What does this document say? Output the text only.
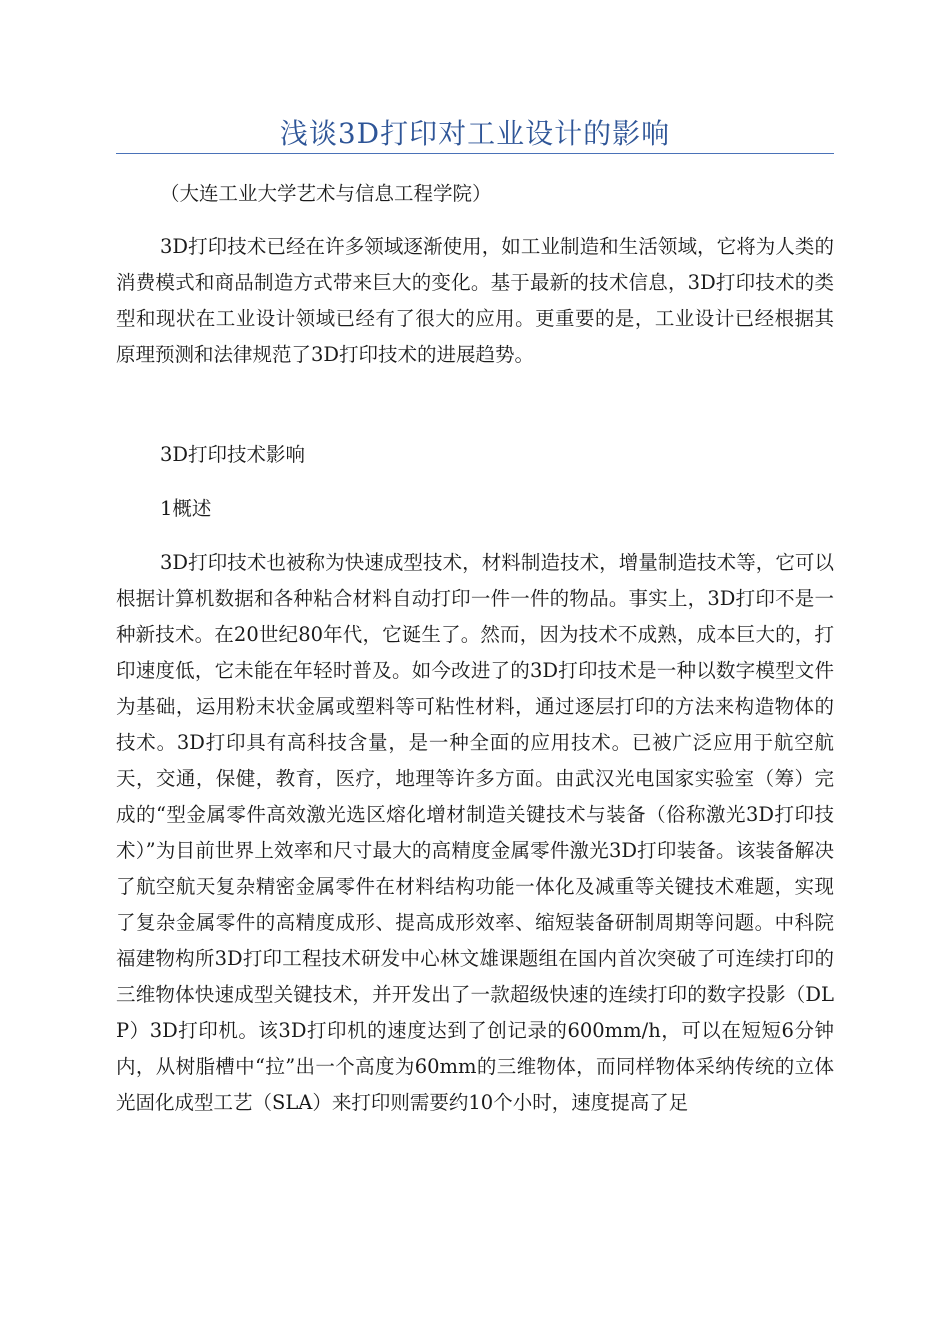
浅谈3D打印对工业设计的影响

（大连工业大学艺术与信息工程学院）

3D打印技术已经在许多领域逐渐使用，如工业制造和生活领域，它将为人类的消费模式和商品制造方式带来巨大的变化。基于最新的技术信息，3D打印技术的类型和现状在工业设计领域已经有了很大的应用。更重要的是，工业设计已经根据其原理预测和法律规范了3D打印技术的进展趋势。

3D打印技术影响

1概述

3D打印技术也被称为快速成型技术，材料制造技术，增量制造技术等，它可以根据计算机数据和各种粘合材料自动打印一件一件的物品。事实上，3D打印不是一种新技术。在20世纪80年代，它诞生了。然而，因为技术不成熟，成本巨大的，打印速度低，它未能在年轻时普及。如今改进了的3D打印技术是一种以数字模型文件为基础，运用粉末状金属或塑料等可粘性材料，通过逐层打印的方法来构造物体的技术。3D打印具有高科技含量，是一种全面的应用技术。已被广泛应用于航空航天，交通，保健，教育，医疗，地理等许多方面。由武汉光电国家实验室（筹）完成的“型金属零件高效激光选区熔化增材制造关键技术与装备（俗称激光3D打印技术）”为目前世界上效率和尺寸最大的高精度金属零件激光3D打印装备。该装备解决了航空航天复杂精密金属零件在材料结构功能一体化及减重等关键技术难题，实现了复杂金属零件的高精度成形、提高成形效率、缩短装备研制周期等问题。中科院福建物构所3D打印工程技术研发中心林文雄课题组在国内首次突破了可连续打印的三维物体快速成型关键技术，并开发出了一款超级快速的连续打印的数字投影（DLP）3D打印机。该3D打印机的速度达到了创记录的600mm/h，可以在短短6分钟内，从树脂槽中“拉”出一个高度为60mm的三维物体，而同样物体采纳传统的立体光固化成型工艺（SLA）来打印则需要约10个小时，速度提高了足
